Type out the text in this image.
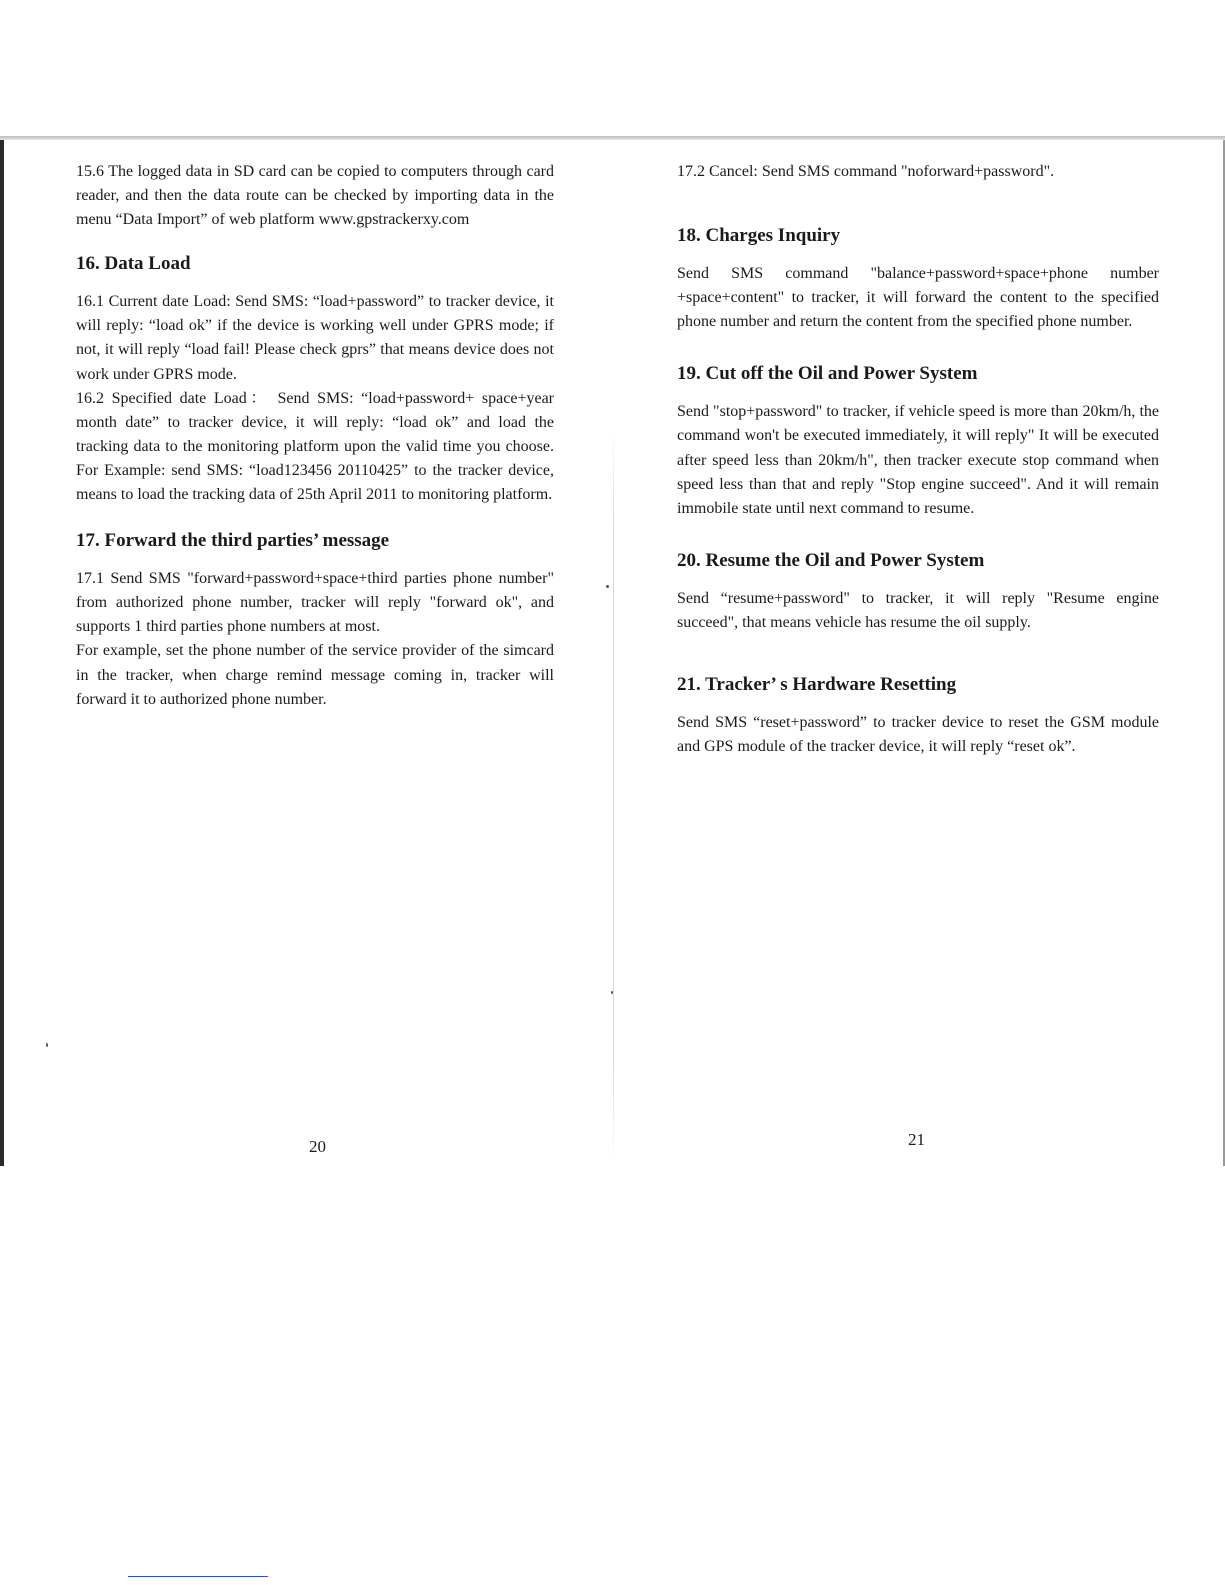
15.6 The logged data in SD card can be copied to computers through card reader, and then the data route can be checked by importing data in the menu “Data Import” of web platform www.gpstrackerxy.com

16. Data Load

16.1 Current date Load: Send SMS: “load+password” to tracker device, it will reply: “load ok” if the device is working well under GPRS mode; if not, it will reply “load fail! Please check gprs” that means device does not work under GPRS mode.

16.2 Specified date Load： Send SMS: “load+password+ space+year month date” to tracker device, it will reply: “load ok” and load the tracking data to the monitoring platform upon the valid time you choose. For Example: send SMS: “load123456 20110425” to the tracker device, means to load the tracking data of 25th April 2011 to monitoring platform.

17. Forward the third parties’ message

17.1 Send SMS "forward+password+space+third parties phone number" from authorized phone number, tracker will reply "forward ok", and supports 1 third parties phone numbers at most.

For example, set the phone number of the service provider of the simcard in the tracker, when charge remind message coming in, tracker will forward it to authorized phone number.

20

17.2 Cancel: Send SMS command "noforward+password".

18. Charges Inquiry

Send SMS command "balance+password+space+phone number +space+content" to tracker, it will forward the content to the specified phone number and return the content from the specified phone number.

19. Cut off the Oil and Power System

Send "stop+password" to tracker, if vehicle speed is more than 20km/h, the command won't be executed immediately, it will reply" It will be executed after speed less than 20km/h", then tracker execute stop command when speed less than that and reply "Stop engine succeed". And it will remain immobile state until next command to resume.

20. Resume the Oil and Power System

Send “resume+password" to tracker, it will reply "Resume engine succeed", that means vehicle has resume the oil supply.

21. Tracker’ s Hardware Resetting

Send SMS “reset+password” to tracker device to reset the GSM module and GPS module of the tracker device, it will reply “reset ok”.

21
